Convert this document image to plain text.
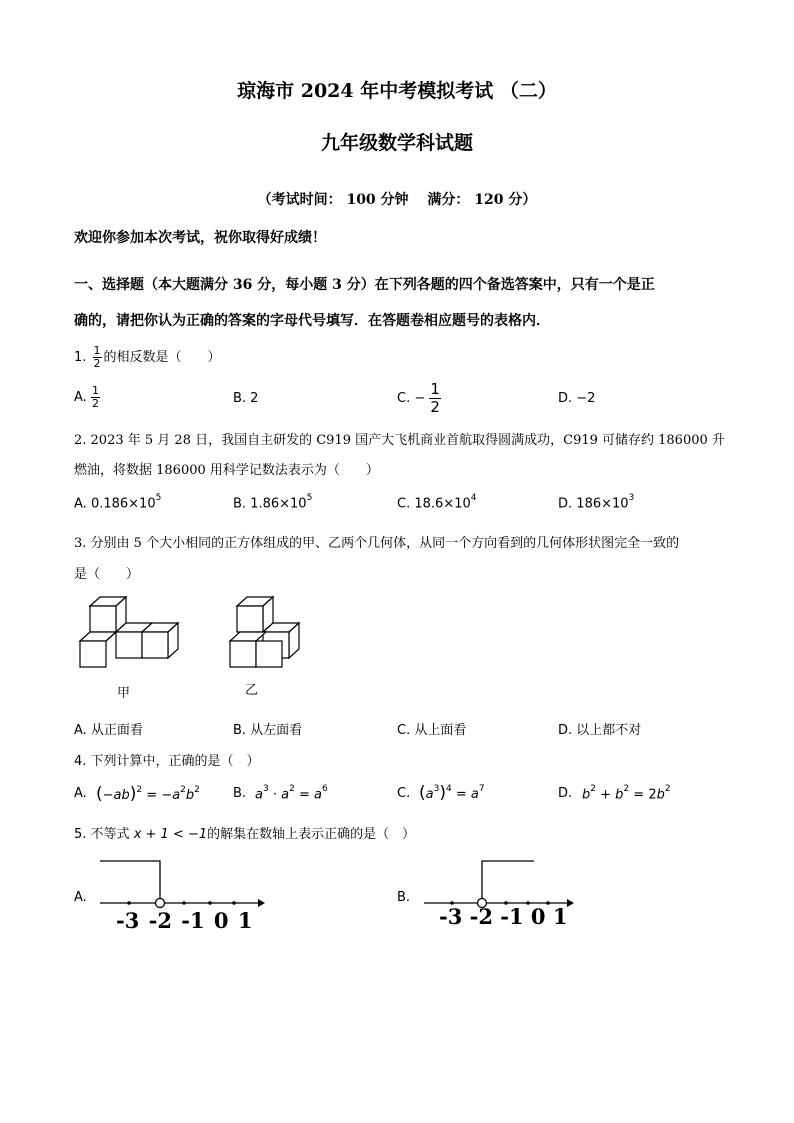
琼海市 2024 年中考模拟考试 （二）
九年级数学科试题
（考试时间： 100 分钟　 满分： 120 分）
欢迎你参加本次考试，祝你取得好成绩！
一、选择题（本大题满分 36 分，每小题 3 分）在下列各题的四个备选答案中，只有一个是正
确的，请把你认为正确的答案的字母代号填写．在答题卷相应题号的表格内．
1. $\frac{1}{2}$ 的相反数是（　　）
A. $\frac{1}{2}$	B. 2	C. − $\frac{1}{2}$	D. −2
2. 2023 年 5 月 28 日，我国自主研发的 C919 国产大飞机商业首航取得圆满成功，C919 可储存约 186000 升
燃油，将数据 186000 用科学记数法表示为（　　）
A. $0.186\times 10^5$	B. $1.86\times 10^5$	C. $18.6\times 10^4$	D. $186\times 10^3$
3. 分别由 5 个大小相同的正方体组成的甲、乙两个几何体，从同一个方向看到的几何体形状图完全一致的
是（　　）
甲	乙
A. 从正面看	B. 从左面看	C. 从上面看	D. 以上都不对
4. 下列计算中，正确的是（　）
A. $(-ab)^2 = -a^2b^2$	B. $a^3 \cdot a^2 = a^6$	C. $(a^3)^4 = a^7$	D. $b^2 + b^2 = 2b^2$
5. 不等式 x + 1 < −1的解集在数轴上表示正确的是（　）
A.
-3 -2 -1 0 1
B.
-3 -2 -1 0 1
